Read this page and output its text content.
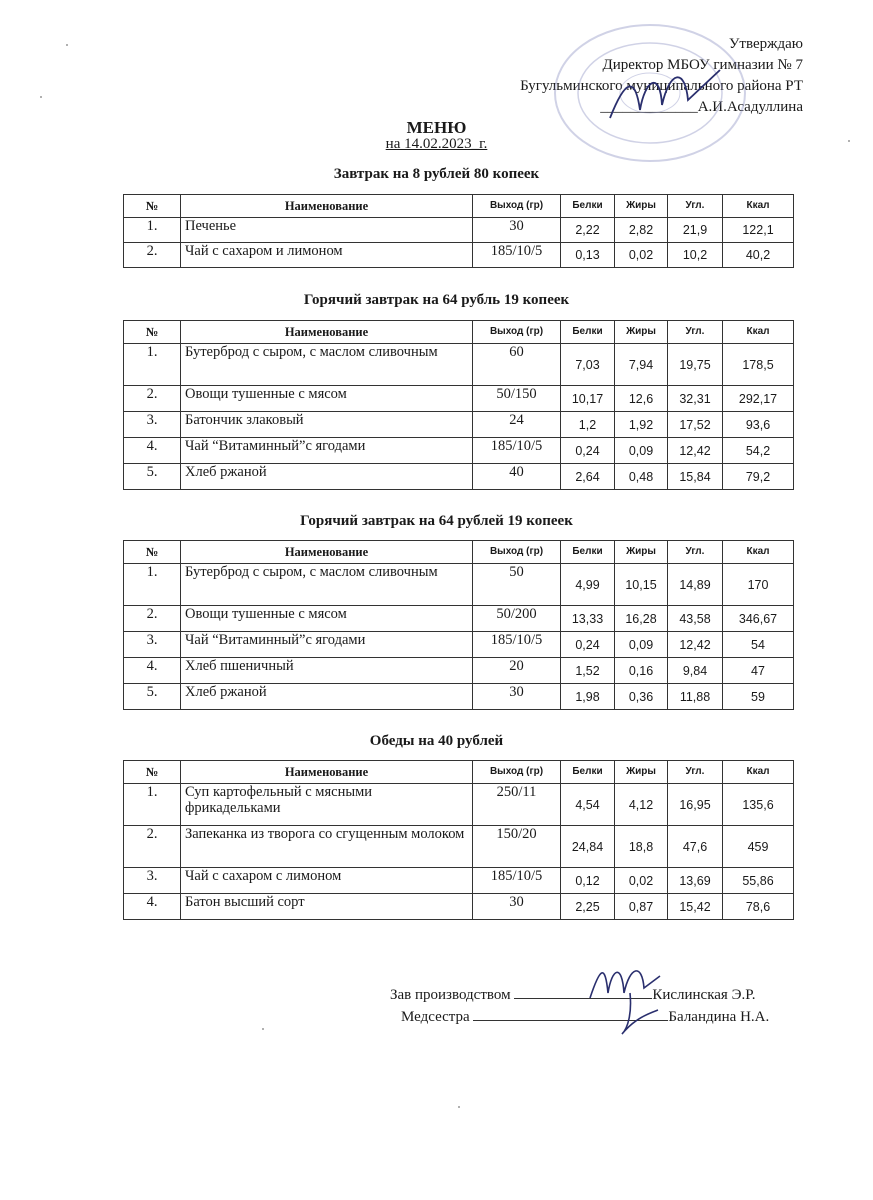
Утверждаю
Директор МБОУ гимназии № 7
Бугульминского муниципального района РТ
_____________А.И.Асадуллина
МЕНЮ
на 14.02.2023_г.
Завтрак на 8 рублей 80 копеек
№	Наименование	Выход (гр)	Белки	Жиры	Угл.	Ккал
1.	Печенье	30	2,22	2,82	21,9	122,1
2.	Чай с сахаром и лимоном	185/10/5	0,13	0,02	10,2	40,2
Горячий завтрак на 64 рубль 19 копеек
№	Наименование	Выход (гр)	Белки	Жиры	Угл.	Ккал
1.	Бутерброд с сыром, с маслом сливочным	60	7,03	7,94	19,75	178,5
2.	Овощи тушенные с мясом	50/150	10,17	12,6	32,31	292,17
3.	Батончик злаковый	24	1,2	1,92	17,52	93,6
4.	Чай “Витаминный”с ягодами	185/10/5	0,24	0,09	12,42	54,2
5.	Хлеб ржаной	40	2,64	0,48	15,84	79,2
Горячий завтрак на 64 рублей 19 копеек
№	Наименование	Выход (гр)	Белки	Жиры	Угл.	Ккал
1.	Бутерброд с сыром, с маслом сливочным	50	4,99	10,15	14,89	170
2.	Овощи тушенные с мясом	50/200	13,33	16,28	43,58	346,67
3.	Чай “Витаминный”с ягодами	185/10/5	0,24	0,09	12,42	54
4.	Хлеб пшеничный	20	1,52	0,16	9,84	47
5.	Хлеб ржаной	30	1,98	0,36	11,88	59
Обеды на 40 рублей
№	Наименование	Выход (гр)	Белки	Жиры	Угл.	Ккал
1.	Суп картофельный с мясными фрикадельками	250/11	4,54	4,12	16,95	135,6
2.	Запеканка из творога со сгущенным молоком	150/20	24,84	18,8	47,6	459
3.	Чай с сахаром с лимоном	185/10/5	0,12	0,02	13,69	55,86
4.	Батон высший сорт	30	2,25	0,87	15,42	78,6
Зав производством	Кислинская Э.Р.
Медсестра	Баландина Н.А.
